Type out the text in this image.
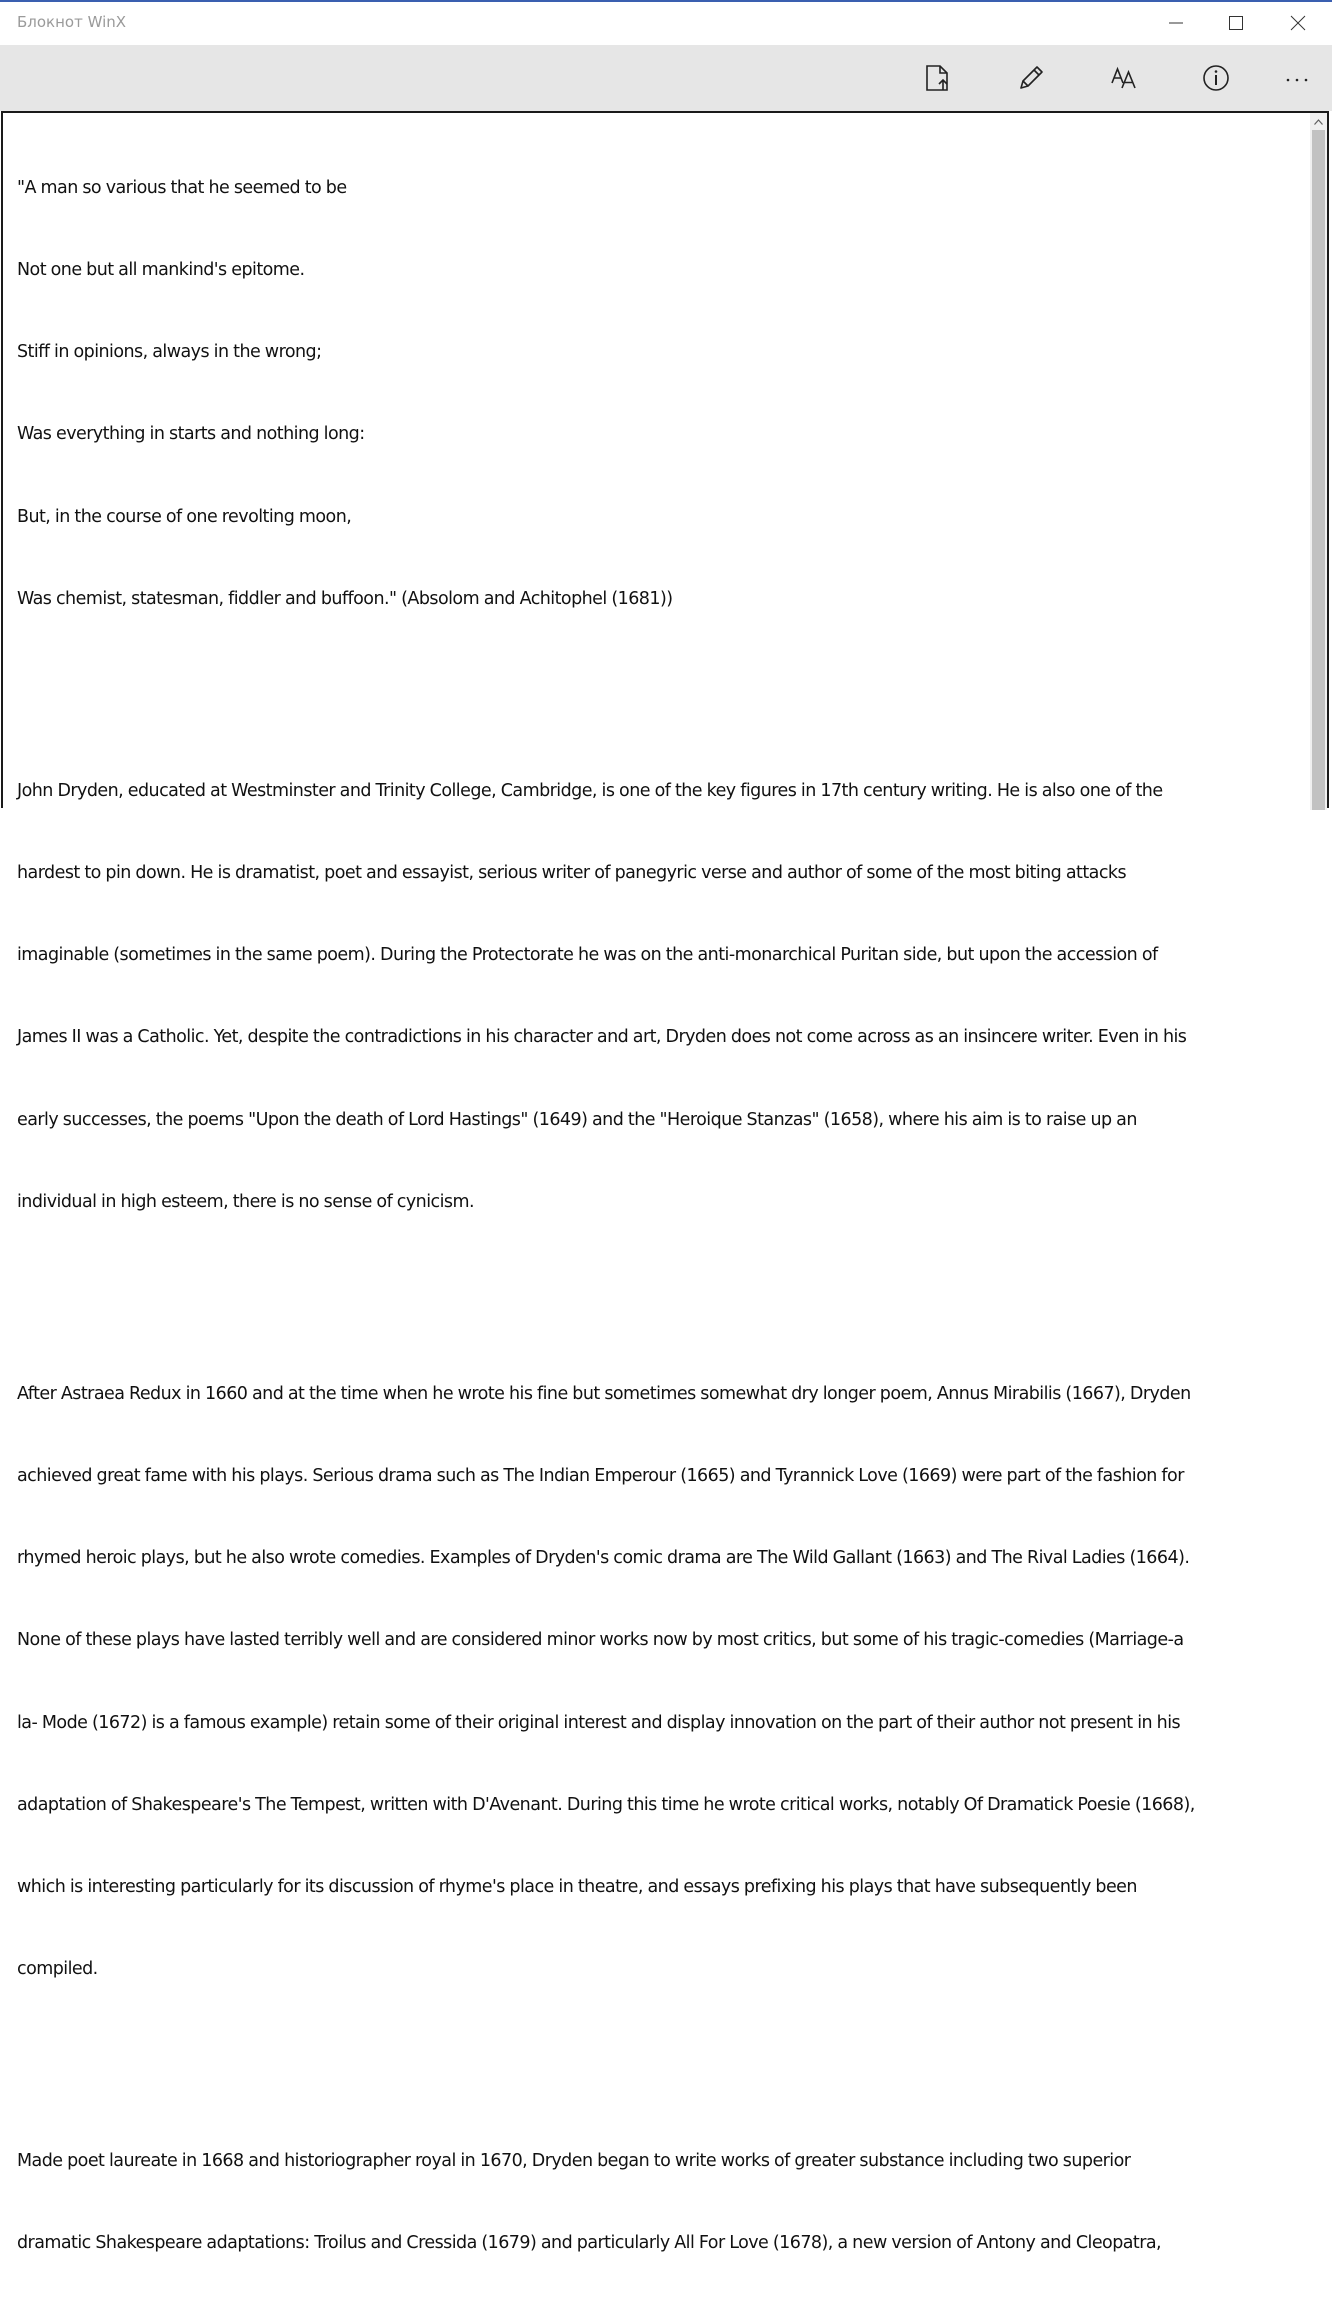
Блокнот WinX

"A man so various that he seemed to be

Not one but all mankind's epitome.

Stiff in opinions, always in the wrong;

Was everything in starts and nothing long:

But, in the course of one revolting moon,

Was chemist, statesman, fiddler and buffoon." (Absolom and Achitophel (1681))

John Dryden, educated at Westminster and Trinity College, Cambridge, is one of the key figures in 17th century writing. He is also one of the

hardest to pin down. He is dramatist, poet and essayist, serious writer of panegyric verse and author of some of the most biting attacks

imaginable (sometimes in the same poem). During the Protectorate he was on the anti-monarchical Puritan side, but upon the accession of

James II was a Catholic. Yet, despite the contradictions in his character and art, Dryden does not come across as an insincere writer. Even in his

early successes, the poems "Upon the death of Lord Hastings" (1649) and the "Heroique Stanzas" (1658), where his aim is to raise up an

individual in high esteem, there is no sense of cynicism.

After Astraea Redux in 1660 and at the time when he wrote his fine but sometimes somewhat dry longer poem, Annus Mirabilis (1667), Dryden

achieved great fame with his plays. Serious drama such as The Indian Emperour (1665) and Tyrannick Love (1669) were part of the fashion for

rhymed heroic plays, but he also wrote comedies. Examples of Dryden's comic drama are The Wild Gallant (1663) and The Rival Ladies (1664).

None of these plays have lasted terribly well and are considered minor works now by most critics, but some of his tragic-comedies (Marriage-a

la- Mode (1672) is a famous example) retain some of their original interest and display innovation on the part of their author not present in his

adaptation of Shakespeare's The Tempest, written with D'Avenant. During this time he wrote critical works, notably Of Dramatick Poesie (1668),

which is interesting particularly for its discussion of rhyme's place in theatre, and essays prefixing his plays that have subsequently been

compiled.

Made poet laureate in 1668 and historiographer royal in 1670, Dryden began to write works of greater substance including two superior

dramatic Shakespeare adaptations: Troilus and Cressida (1679) and particularly All For Love (1678), a new version of Antony and Cleopatra,
